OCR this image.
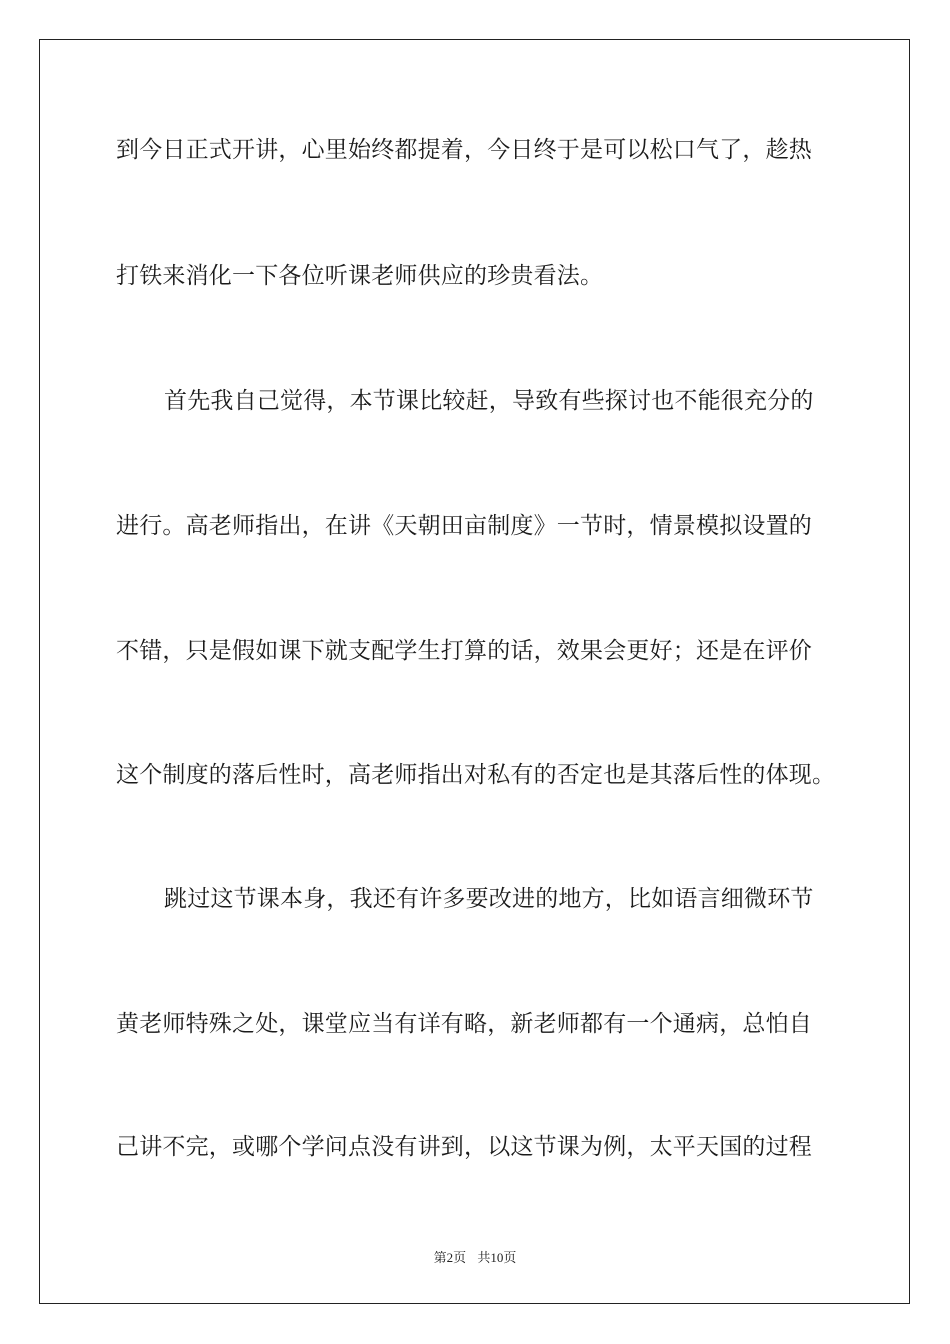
到今日正式开讲，心里始终都提着，今日终于是可以松口气了，趁热
打铁来消化一下各位听课老师供应的珍贵看法。
首先我自己觉得，本节课比较赶，导致有些探讨也不能很充分的
进行。高老师指出，在讲《天朝田亩制度》一节时，情景模拟设置的
不错，只是假如课下就支配学生打算的话，效果会更好；还是在评价
这个制度的落后性时，高老师指出对私有的否定也是其落后性的体现。
跳过这节课本身，我还有许多要改进的地方，比如语言细微环节
黄老师特殊之处，课堂应当有详有略，新老师都有一个通病，总怕自
己讲不完，或哪个学问点没有讲到，以这节课为例，太平天国的过程
第2页 共10页
